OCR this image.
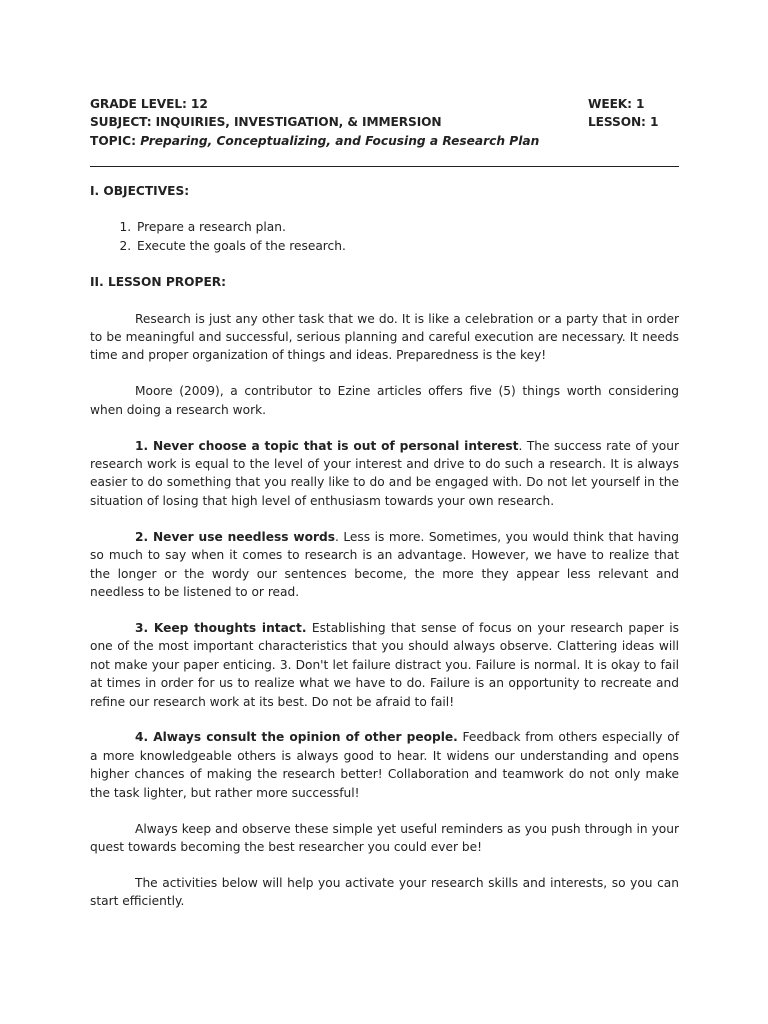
GRADE LEVEL: 12	WEEK: 1
SUBJECT: INQUIRIES, INVESTIGATION, & IMMERSION	LESSON: 1
TOPIC: Preparing, Conceptualizing, and Focusing a Research Plan
I. OBJECTIVES:
1. Prepare a research plan.
2. Execute the goals of the research.
II. LESSON PROPER:

Research is just any other task that we do. It is like a celebration or a party that in order to be meaningful and successful, serious planning and careful execution are necessary. It needs time and proper organization of things and ideas. Preparedness is the key!

Moore (2009), a contributor to Ezine articles offers five (5) things worth considering when doing a research work.

1. Never choose a topic that is out of personal interest. The success rate of your research work is equal to the level of your interest and drive to do such a research. It is always easier to do something that you really like to do and be engaged with. Do not let yourself in the situation of losing that high level of enthusiasm towards your own research.

2. Never use needless words. Less is more. Sometimes, you would think that having so much to say when it comes to research is an advantage. However, we have to realize that the longer or the wordy our sentences become, the more they appear less relevant and needless to be listened to or read.

3. Keep thoughts intact. Establishing that sense of focus on your research paper is one of the most important characteristics that you should always observe. Clattering ideas will not make your paper enticing. 3. Don't let failure distract you. Failure is normal. It is okay to fail at times in order for us to realize what we have to do. Failure is an opportunity to recreate and refine our research work at its best. Do not be afraid to fail!

4. Always consult the opinion of other people. Feedback from others especially of a more knowledgeable others is always good to hear. It widens our understanding and opens higher chances of making the research better! Collaboration and teamwork do not only make the task lighter, but rather more successful!

Always keep and observe these simple yet useful reminders as you push through in your quest towards becoming the best researcher you could ever be!

The activities below will help you activate your research skills and interests, so you can start efficiently.
